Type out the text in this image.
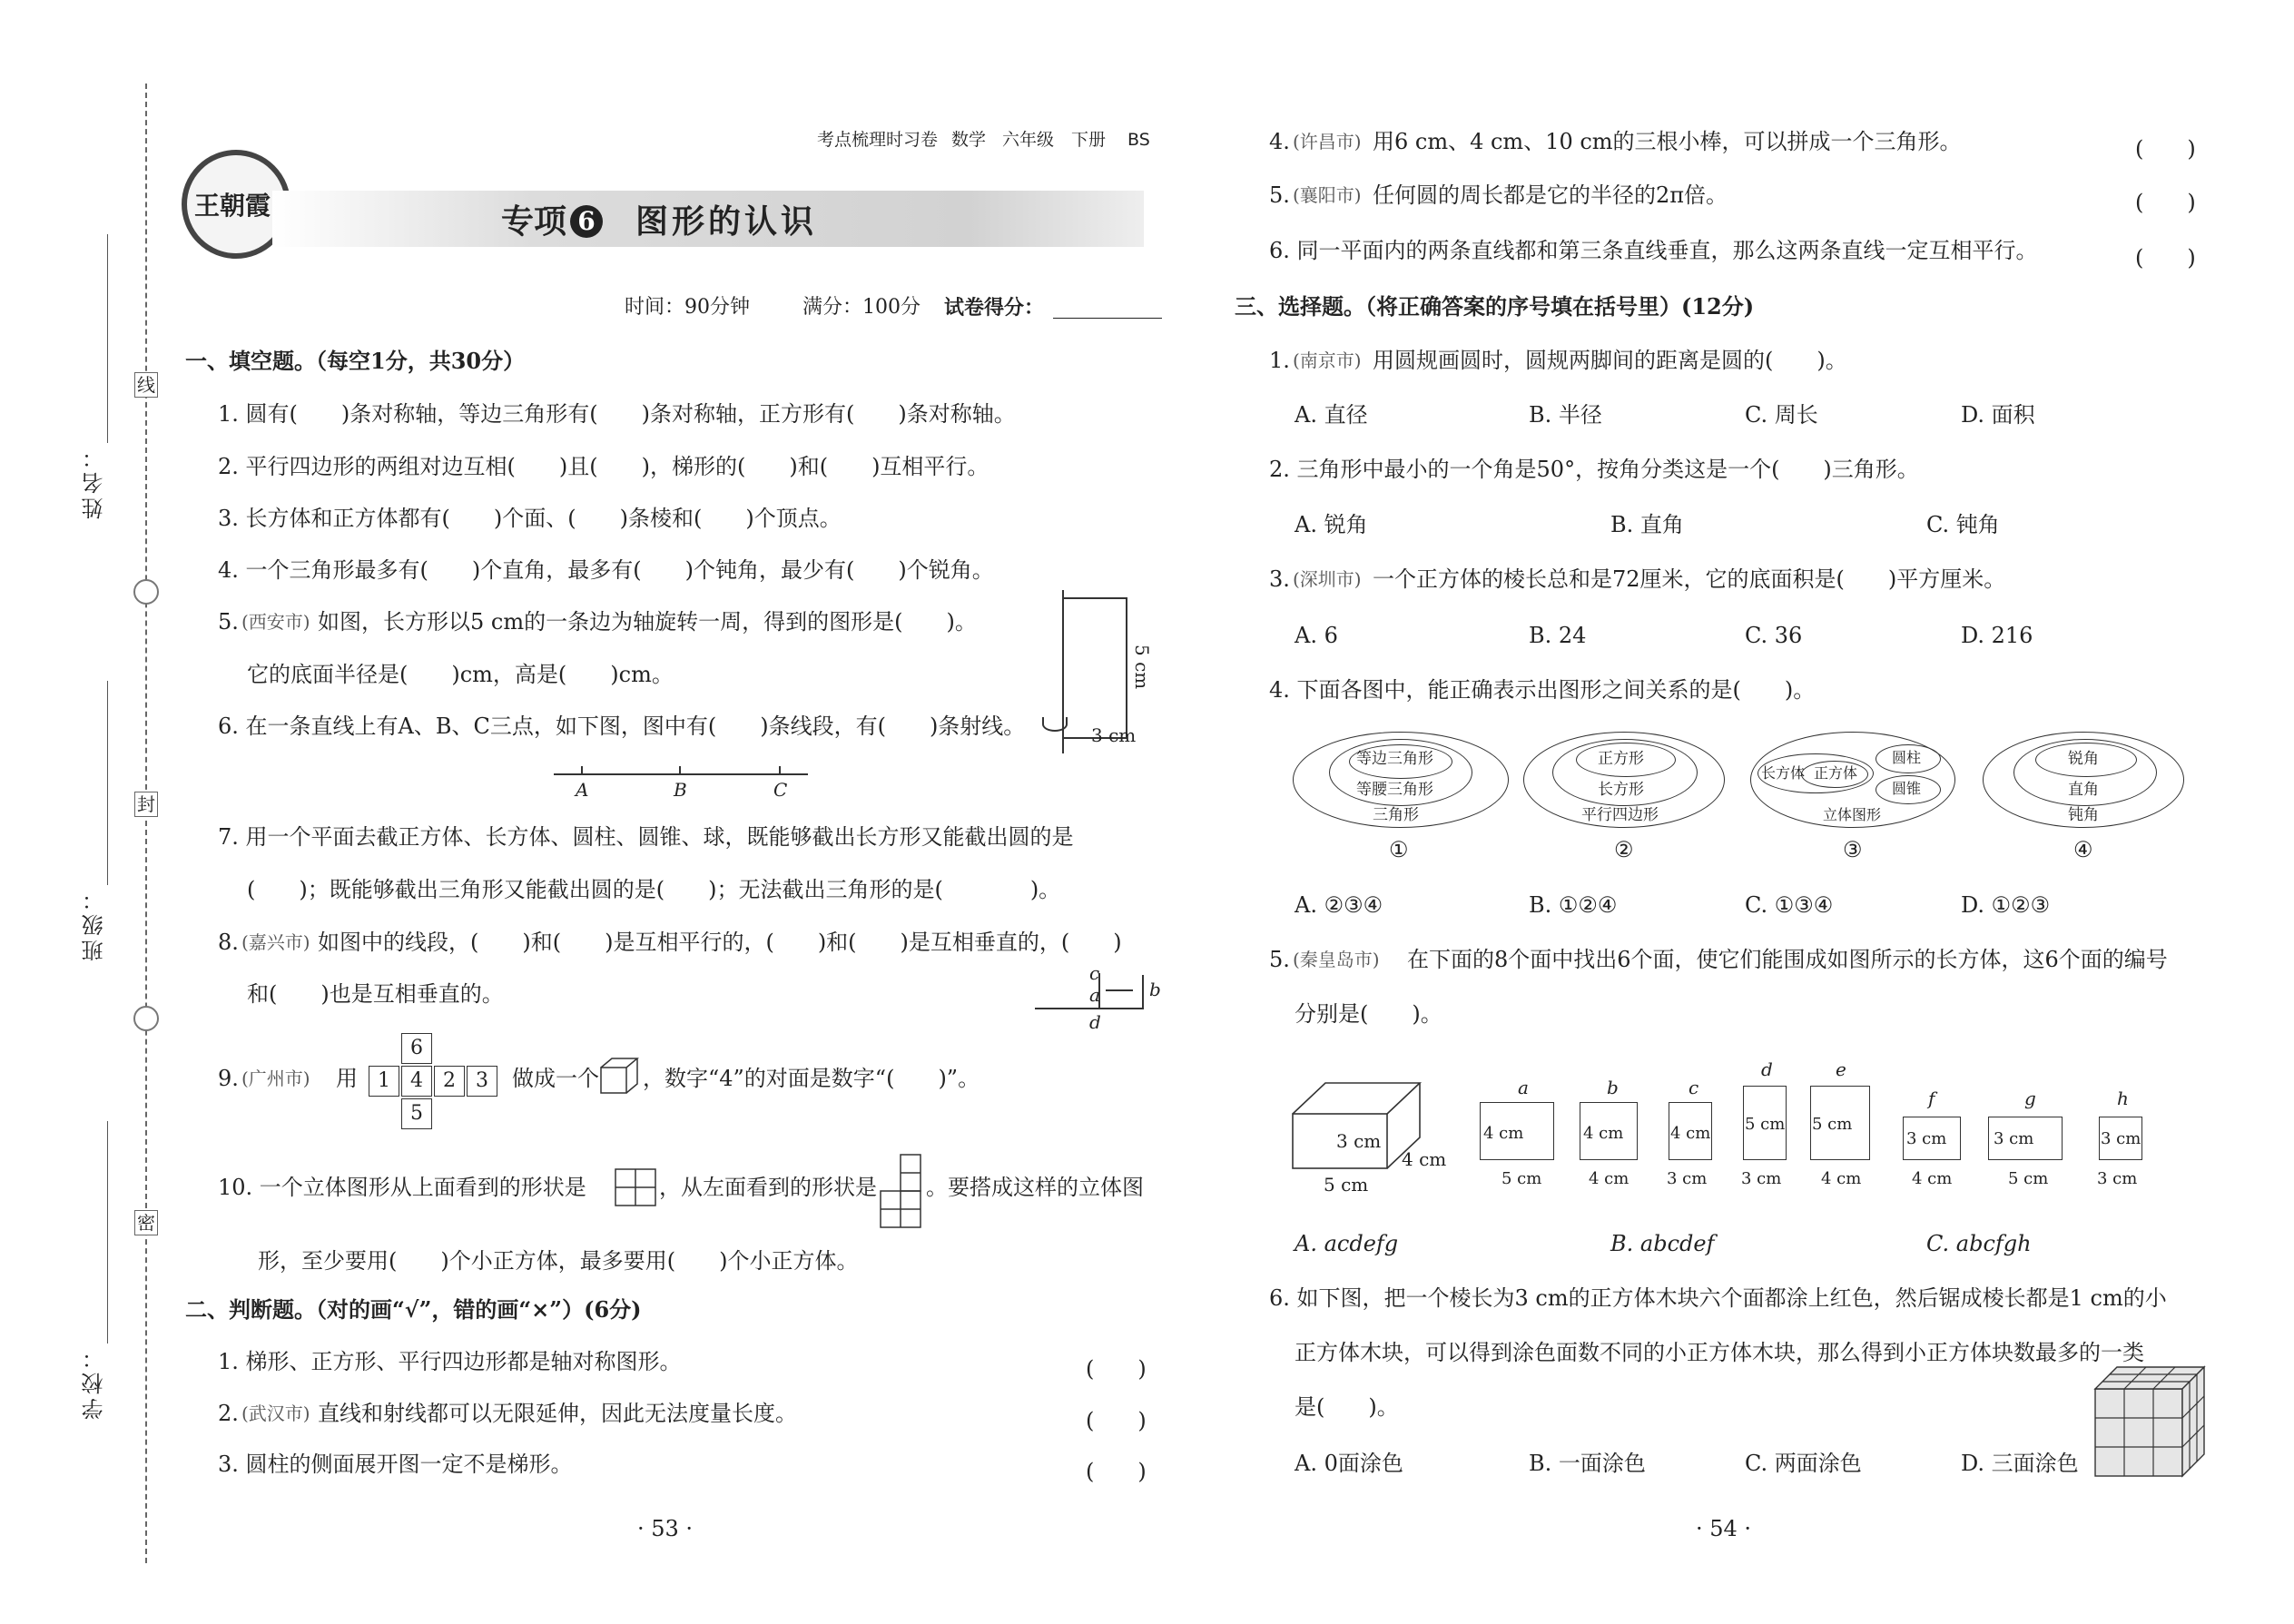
姓名：
班级：
学校：
线
封
密
王朝霞
考点梳理时习卷 数学 六年级 下册 BS
专项 6 图形的认识
时间：90分钟	满分：100分 试卷得分：
一、填空题。（每空1分，共30分）
1. 圆有(　　)条对称轴，等边三角形有(　　)条对称轴，正方形有(　　)条对称轴。
2. 平行四边形的两组对边互相(　　)且(　　)，梯形的(　　)和(　　)互相平行。
3. 长方体和正方体都有(　　)个面、(　　)条棱和(　　)个顶点。
4. 一个三角形最多有(　　)个直角，最多有(　　)个钝角，最少有(　　)个锐角。
5. (西安市) 如图，长方形以5 cm的一条边为轴旋转一周，得到的图形是(　　)。
它的底面半径是(　　)cm，高是(　　)cm。	5 cm
3 cm
6. 在一条直线上有A、B、C三点，如下图，图中有(　　)条线段，有(　　)条射线。
A	B	C
7. 用一个平面去截正方体、长方体、圆柱、圆锥、球，既能够截出长方形又能截出圆的是
(　　)；既能够截出三角形又能截出圆的是(　　)；无法截出三角形的是(　　　　)。
8. (嘉兴市) 如图中的线段，(　　)和(　　)是互相平行的，(　　)和(　　)是互相垂直的，(　　)
和(　　)也是互相垂直的。
c
a	b
d
9. (广州市) 用
6
1	4	2	3
5
做成一个 ，数字“4”的对面是数字“(　　)”。
10. 一个立体图形从上面看到的形状是	，从左面看到的形状是 。要搭成这样的立体图
形，至少要用(　　)个小正方体，最多要用(　　)个小正方体。
二、判断题。（对的画“√”，错的画“×”）(6分)
1. 梯形、正方形、平行四边形都是轴对称图形。	(　　)
2. (武汉市) 直线和射线都可以无限延伸，因此无法度量长度。	(　　)
3. 圆柱的侧面展开图一定不是梯形。	(　　)
· 53 ·
4. (许昌市) 用6 cm、4 cm、10 cm的三根小棒，可以拼成一个三角形。	(　　)
5. (襄阳市) 任何圆的周长都是它的半径的2π倍。	(　　)
6. 同一平面内的两条直线都和第三条直线垂直，那么这两条直线一定互相平行。	(　　)
三、选择题。（将正确答案的序号填在括号里）(12分)
1. (南京市) 用圆规画圆时，圆规两脚间的距离是圆的(　　)。
A. 直径	B. 半径	C. 周长	D. 面积
2. 三角形中最小的一个角是50°，按角分类这是一个(　　)三角形。
A. 锐角	B. 直角	C. 钝角
3. (深圳市) 一个正方体的棱长总和是72厘米，它的底面积是(　　)平方厘米。
A. 6	B. 24	C. 36	D. 216
4. 下面各图中，能正确表示出图形之间关系的是(　　)。
等边三角形
等腰三角形
三角形
①
正方形
长方形
平行四边形
②
长方体 正方体
圆柱
圆锥
立体图形
③
锐角
直角
钝角
④
A. ②③④	B. ①②④	C. ①③④	D. ①②③
5. (秦皇岛市) 在下面的8个面中找出6个面，使它们能围成如图所示的长方体，这6个面的编号
分别是(　　)。
3 cm
5 cm
4 cm
a
4 cm
5 cm
b
4 cm
4 cm
c
4 cm
3 cm
d
5 cm
3 cm
e
5 cm
4 cm
f
3 cm
4 cm
g
3 cm
5 cm
h
3 cm
3 cm
A. acdefg	B. abcdef	C. abcfgh
6. 如下图，把一个棱长为3 cm的正方体木块六个面都涂上红色，然后锯成棱长都是1 cm的小
正方体木块，可以得到涂色面数不同的小正方体木块，那么得到小正方体块数最多的一类
是(　　)。
A. 0面涂色	B. 一面涂色	C. 两面涂色	D. 三面涂色
· 54 ·
